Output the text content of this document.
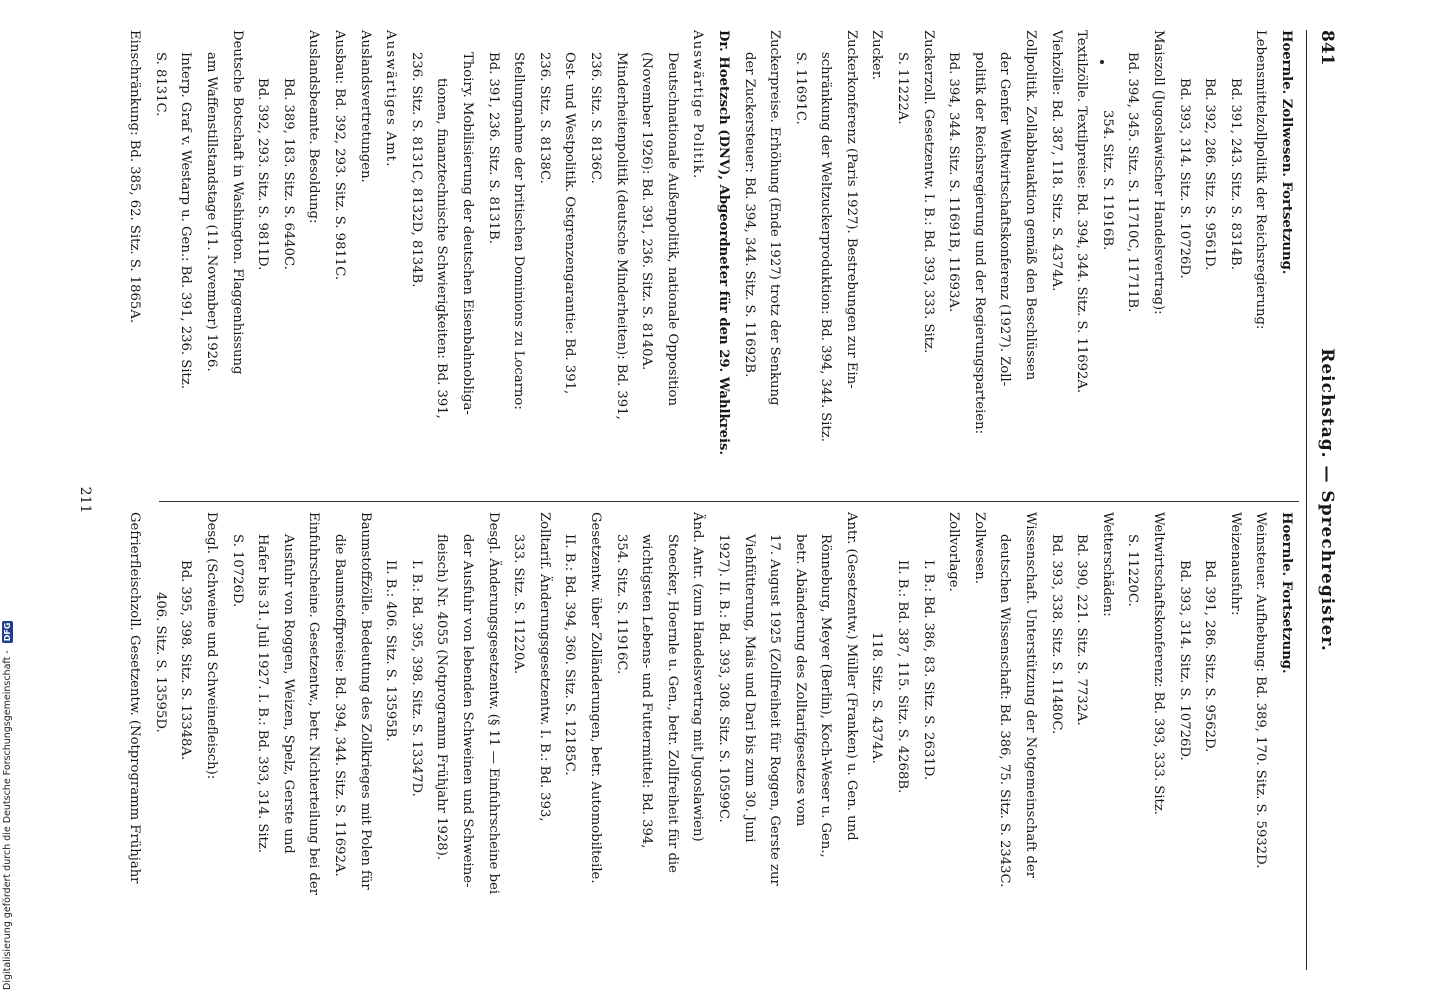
841
Reichstag. — Sprechregister.
Hoernle. Zollwesen. Fortsetzung.
Lebensmittelzollpolitik der Reichsregierung:
Bd. 391, 243. Sitz. S. 8314B.
Bd. 392, 286. Sitz. S. 9561D.
Bd. 393, 314. Sitz. S. 10726D.
Maiszoll (Jugoslawischer Handelsvertrag):
Bd. 394, 345. Sitz. S. 11710C, 11711B.
354. Sitz. S. 11916B.
Textilzölle. Textilpreise: Bd. 394, 344. Sitz. S. 11692A.
Viehzölle: Bd. 387, 118. Sitz. S. 4374A.
Zollpolitik. Zollabbauaktion gemäß den Beschlüssen
der Genfer Weltwirtschaftskonferenz (1927). Zoll-
politik der Reichsregierung und der Regierungsparteien:
Bd. 394, 344. Sitz. S. 11691B, 11693A.
Zuckerzoll. Gesetzentw. I. B.: Bd. 393, 333. Sitz.
S. 11222A.
Zucker.
Zuckerkonferenz (Paris 1927). Bestrebungen zur Ein-
schränkung der Weltzuckerproduktion: Bd. 394, 344. Sitz.
S. 11691C.
Zuckerpreise. Erhöhung (Ende 1927) trotz der Senkung
der Zuckersteuer: Bd. 394, 344. Sitz. S. 11692B.
Dr. Hoetzsch (DNV), Abgeordneter für den 29. Wahlkreis.
Auswärtige Politik.
Deutschnationale Außenpolitik, nationale Opposition
(November 1926): Bd. 391, 236. Sitz. S. 8140A.
Minderheitenpolitik (deutsche Minderheiten): Bd. 391,
236. Sitz. S. 8136C.
Ost- und Westpolitik. Ostgrenzengarantie: Bd. 391,
236. Sitz. S. 8138C.
Stellungnahme der britischen Dominions zu Locarno:
Bd. 391, 236. Sitz. S. 8131B.
Thoiry. Mobilisierung der deutschen Eisenbahnobliga-
tionen, finanztechnische Schwierigkeiten: Bd. 391,
236. Sitz. S. 8131C, 8132D, 8134B.
Auswärtiges Amt.
Auslandsvertretungen.
Ausbau: Bd. 392, 293. Sitz. S. 9811C.
Auslandsbeamte. Besoldung:
Bd. 389, 183. Sitz. S. 6440C.
Bd. 392, 293. Sitz. S. 9811D.
Deutsche Botschaft in Washington. Flaggenhissung
am Waffenstillstandstage (11. November) 1926.
Interp. Graf v. Westarp u. Gen.: Bd. 391, 236. Sitz.
S. 8131C.
Einschränkung: Bd. 385, 62. Sitz. S. 1865A.
Hoernle. Fortsetzung.
Weinsteuer. Aufhebung: Bd. 389, 170. Sitz. S. 5932D.
Weizenausfuhr:
Bd. 391, 286. Sitz. S. 9562D.
Bd. 393, 314. Sitz. S. 10726D.
Weltwirtschaftskonferenz: Bd. 393, 333. Sitz.
S. 11220C.
Wetterschäden:
Bd. 390, 221. Sitz. S. 7732A.
Bd. 393, 338. Sitz. S. 11480C.
Wissenschaft. Unterstützung der Notgemeinschaft der
deutschen Wissenschaft: Bd. 386, 75. Sitz. S. 2343C.
Zollwesen.
Zollvorlage.
I. B.: Bd. 386, 83. Sitz. S. 2631D.
II. B.: Bd. 387, 115. Sitz. S. 4268B.
118. Sitz. S. 4374A.
Antr. (Gesetzentw.) Müller (Franken) u. Gen. und
Rönneburg, Meyer (Berlin), Koch-Weser u. Gen.,
betr. Abänderung des Zolltarifgesetzes vom
17. August 1925 (Zollfreiheit für Roggen, Gerste zur
Viehfütterung, Mais und Dari bis zum 30. Juni
1927). II. B.: Bd. 393, 308. Sitz. S. 10599C.
Änd. Antr. (zum Handelsvertrag mit Jugoslawien)
Stoecker, Hoernle u. Gen., betr. Zollfreiheit für die
wichtigsten Lebens- und Futtermittel: Bd. 394,
354. Sitz. S. 11916C.
Gesetzentw. über Zolländerungen, betr. Automobilteile.
II. B.: Bd. 394, 360. Sitz. S. 12185C.
Zolltarif. Änderungsgesetzentw. I. B.: Bd. 393,
333. Sitz. S. 11220A.
Desgl. Änderungsgesetzentw. (§ 11 — Einfuhrscheine bei
der Ausfuhr von lebenden Schweinen und Schweine-
fleisch) Nr. 4055 (Notprogramm Frühjahr 1928).
I. B.: Bd. 395, 398. Sitz. S. 13347D.
II. B.: 406. Sitz. S. 13595B.
Baumstoffzölle. Bedeutung des Zollkrieges mit Polen für
die Baumstoffpreise: Bd. 394, 344. Sitz. S. 11692A.
Einfuhrscheine. Gesetzentw., betr. Nichterteilung bei der
Ausfuhr von Roggen, Weizen, Spelz, Gerste und
Hafer bis 31. Juli 1927. I. B.: Bd. 393, 314. Sitz.
S. 10726D.
Desgl. (Schweine und Schweinefleisch):
Bd. 395, 398. Sitz. S. 13348A.
406. Sitz. S. 13595D.
Gefrierfleischzoll. Gesetzentw. (Notprogramm Frühjahr
211
Digitalisierung gefördert durch die Deutsche Forschungsgemeinschaft - DFG
